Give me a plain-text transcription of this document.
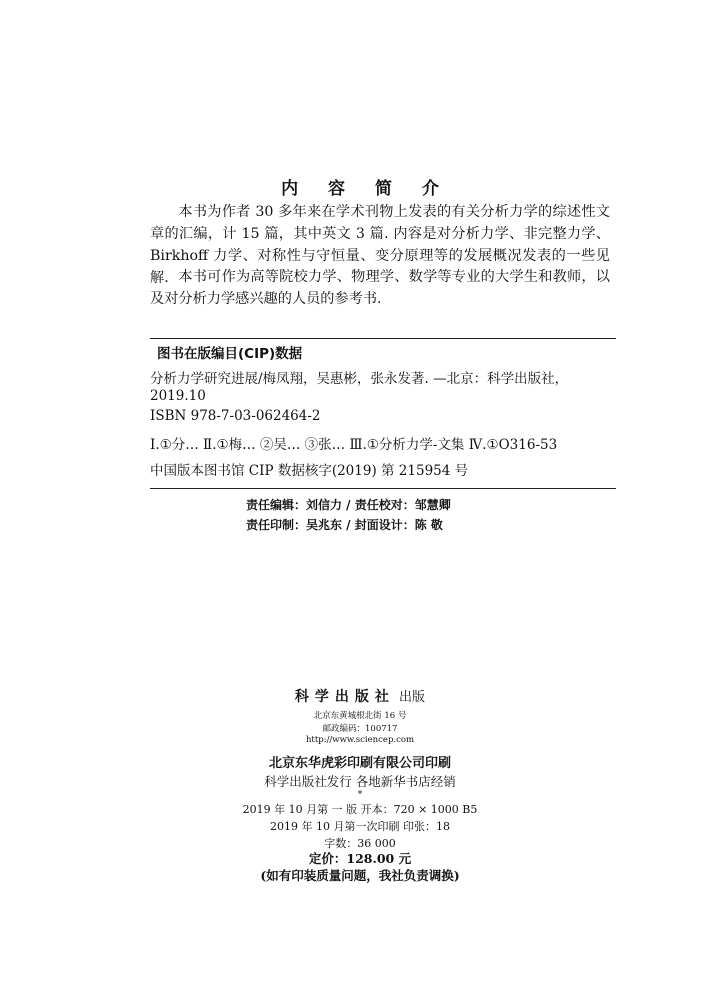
内 容 简 介

本书为作者 30 多年来在学术刊物上发表的有关分析力学的综述性文章的汇编，计 15 篇，其中英文 3 篇. 内容是对分析力学、非完整力学、Birkhoff 力学、对称性与守恒量、变分原理等的发展概况发表的一些见解. 本书可作为高等院校力学、物理学、数学等专业的大学生和教师，以及对分析力学感兴趣的人员的参考书.

图书在版编目(CIP)数据
分析力学研究进展/梅凤翔，吴惠彬，张永发著. —北京：科学出版社，
2019.10
ISBN 978-7-03-062464-2
Ⅰ.①分… Ⅱ.①梅… ②吴… ③张… Ⅲ.①分析力学-文集 Ⅳ.①O316-53
中国版本图书馆 CIP 数据核字(2019) 第 215954 号
责任编辑：刘信力 / 责任校对：邹慧卿
责任印制：吴兆东 / 封面设计：陈 敬
科学出版社 出版
北京东黄城根北街 16 号
邮政编码：100717
http://www.sciencep.com
北京东华虎彩印刷有限公司印刷
科学出版社发行 各地新华书店经销
*
2019 年 10 月第 一 版 开本：720 × 1000 B5
2019 年 10 月第一次印刷 印张：18
字数：36 000
定价：128.00 元
(如有印装质量问题，我社负责调换)
